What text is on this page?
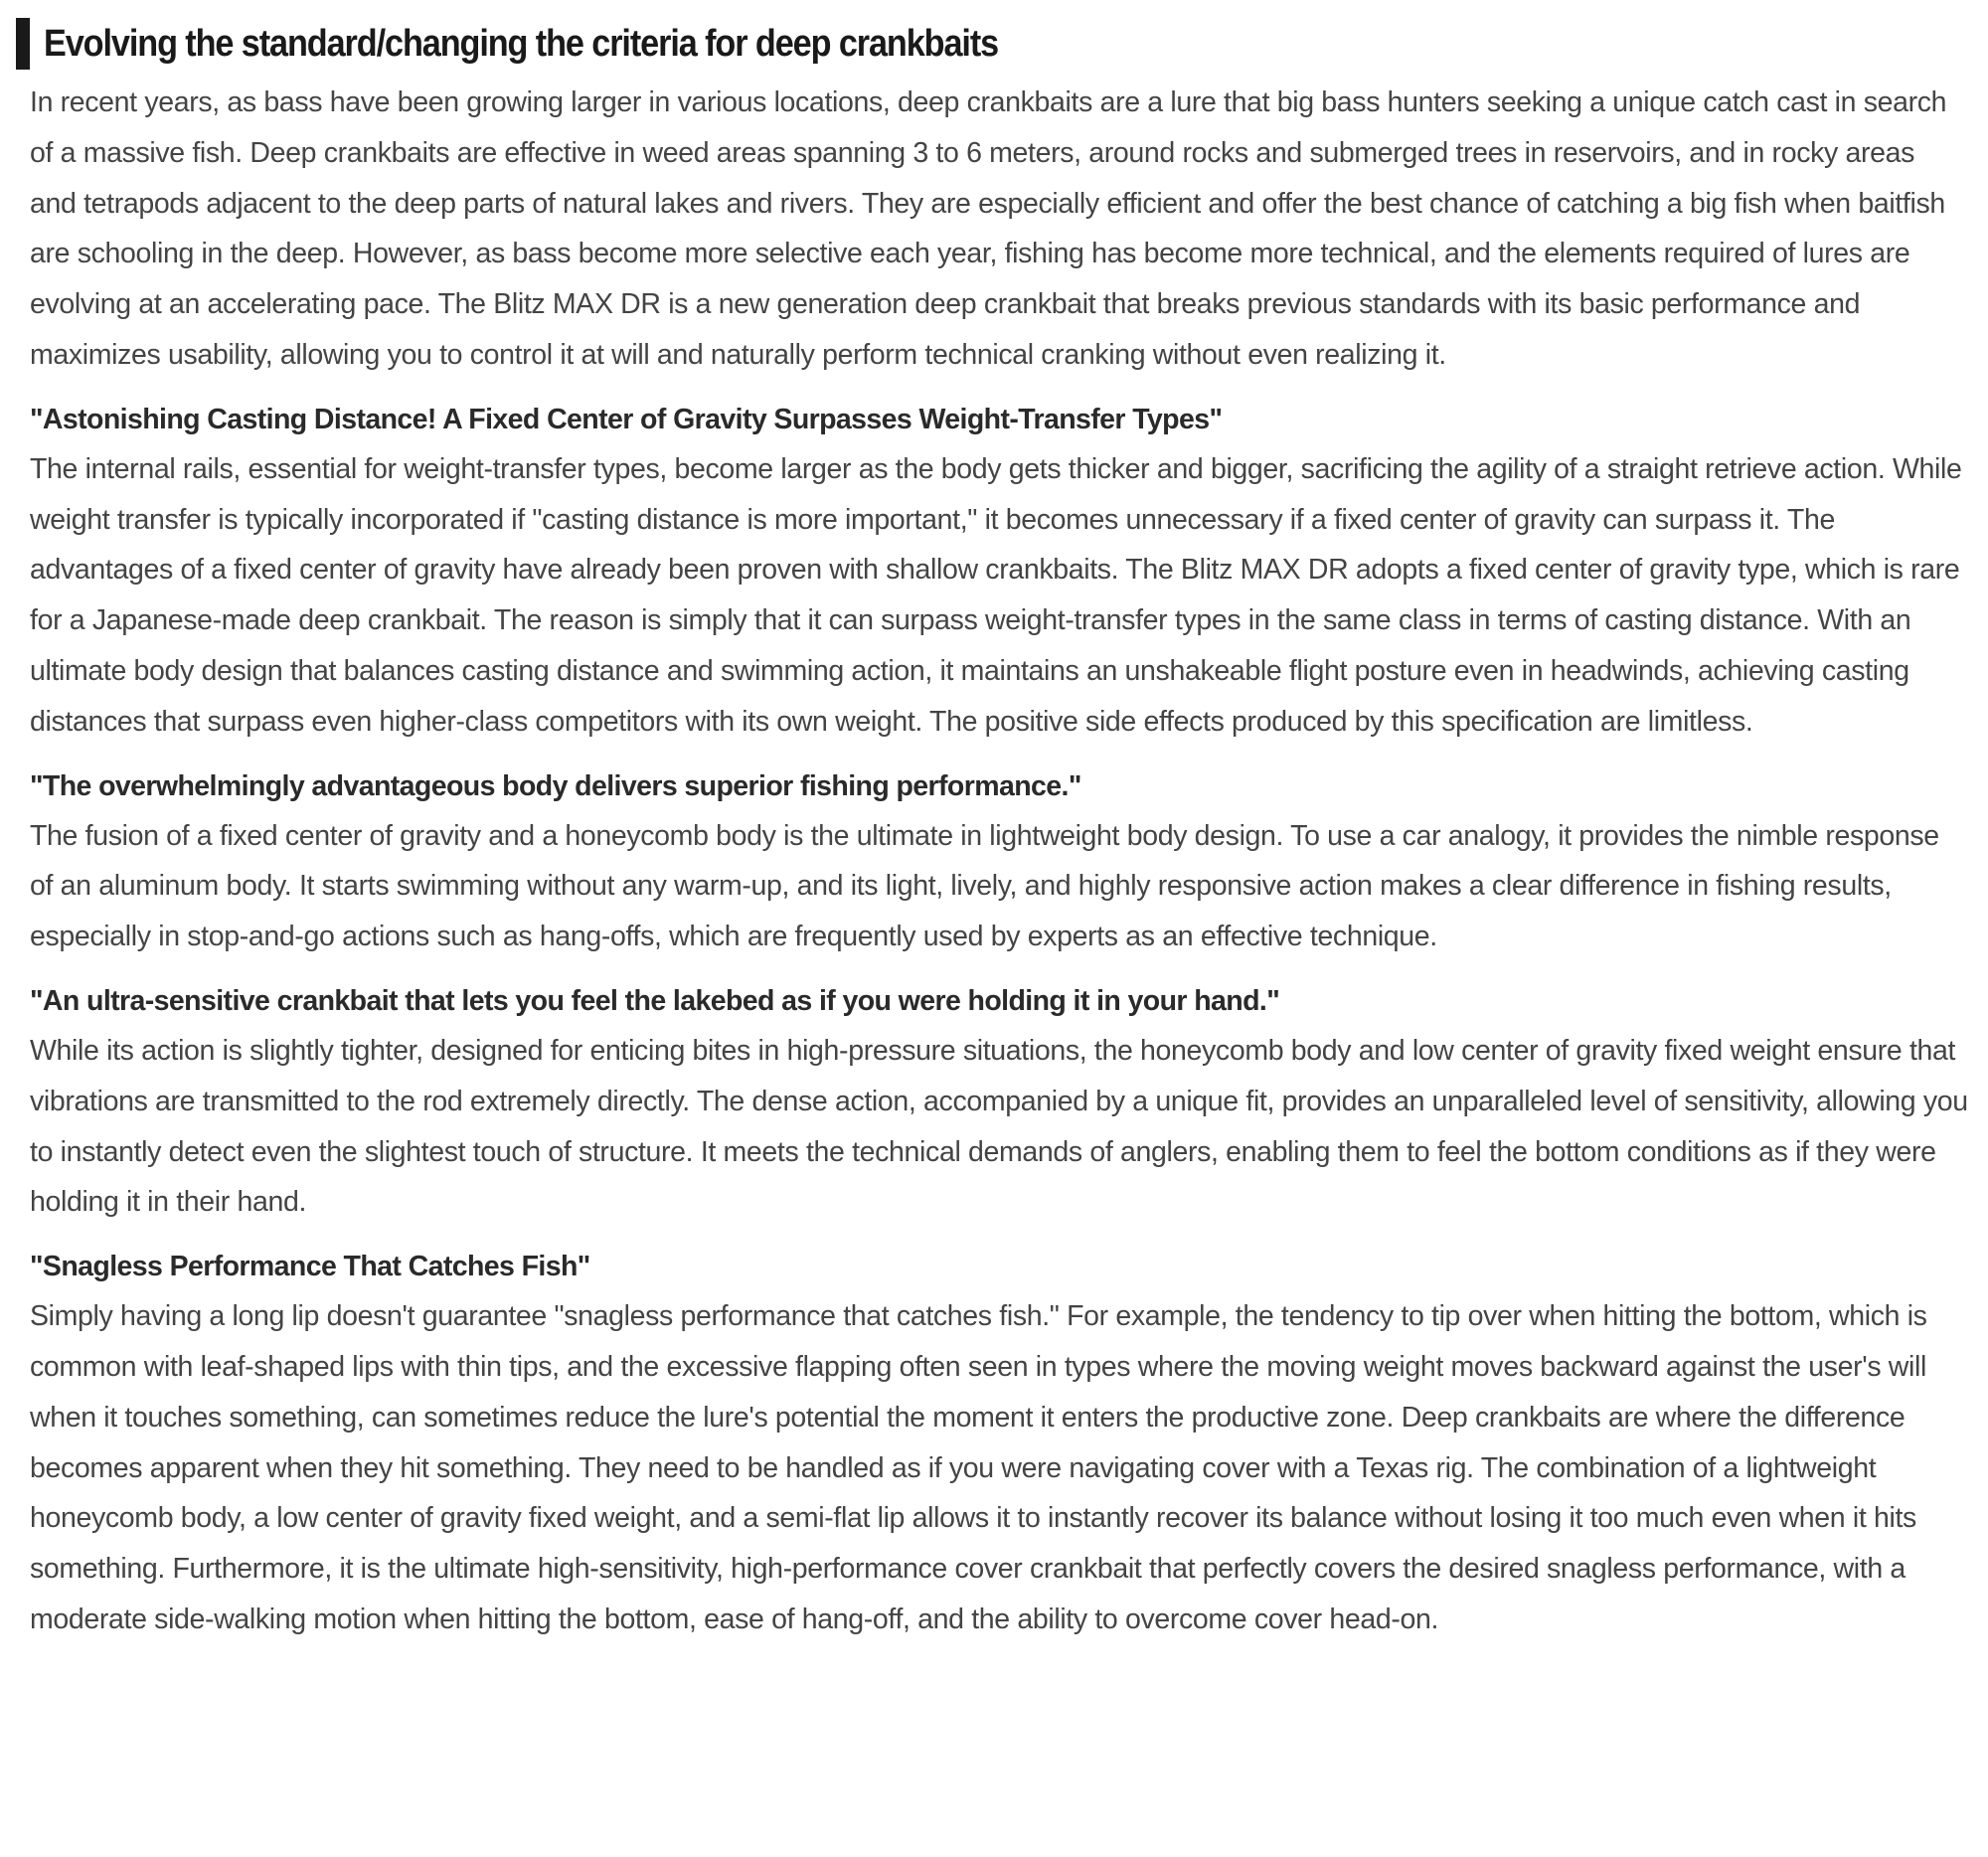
Evolving the standard/changing the criteria for deep crankbaits

In recent years, as bass have been growing larger in various locations, deep crankbaits are a lure that big bass hunters seeking a unique catch cast in search of a massive fish. Deep crankbaits are effective in weed areas spanning 3 to 6 meters, around rocks and submerged trees in reservoirs, and in rocky areas and tetrapods adjacent to the deep parts of natural lakes and rivers. They are especially efficient and offer the best chance of catching a big fish when baitfish are schooling in the deep. However, as bass become more selective each year, fishing has become more technical, and the elements required of lures are evolving at an accelerating pace. The Blitz MAX DR is a new generation deep crankbait that breaks previous standards with its basic performance and maximizes usability, allowing you to control it at will and naturally perform technical cranking without even realizing it.

"Astonishing Casting Distance! A Fixed Center of Gravity Surpasses Weight-Transfer Types"

The internal rails, essential for weight-transfer types, become larger as the body gets thicker and bigger, sacrificing the agility of a straight retrieve action. While weight transfer is typically incorporated if "casting distance is more important," it becomes unnecessary if a fixed center of gravity can surpass it. The advantages of a fixed center of gravity have already been proven with shallow crankbaits. The Blitz MAX DR adopts a fixed center of gravity type, which is rare for a Japanese-made deep crankbait. The reason is simply that it can surpass weight-transfer types in the same class in terms of casting distance. With an ultimate body design that balances casting distance and swimming action, it maintains an unshakeable flight posture even in headwinds, achieving casting distances that surpass even higher-class competitors with its own weight. The positive side effects produced by this specification are limitless.

"The overwhelmingly advantageous body delivers superior fishing performance."

The fusion of a fixed center of gravity and a honeycomb body is the ultimate in lightweight body design. To use a car analogy, it provides the nimble response of an aluminum body. It starts swimming without any warm-up, and its light, lively, and highly responsive action makes a clear difference in fishing results, especially in stop-and-go actions such as hang-offs, which are frequently used by experts as an effective technique.

"An ultra-sensitive crankbait that lets you feel the lakebed as if you were holding it in your hand."

While its action is slightly tighter, designed for enticing bites in high-pressure situations, the honeycomb body and low center of gravity fixed weight ensure that vibrations are transmitted to the rod extremely directly. The dense action, accompanied by a unique fit, provides an unparalleled level of sensitivity, allowing you to instantly detect even the slightest touch of structure. It meets the technical demands of anglers, enabling them to feel the bottom conditions as if they were holding it in their hand.

"Snagless Performance That Catches Fish"

Simply having a long lip doesn't guarantee "snagless performance that catches fish." For example, the tendency to tip over when hitting the bottom, which is common with leaf-shaped lips with thin tips, and the excessive flapping often seen in types where the moving weight moves backward against the user's will when it touches something, can sometimes reduce the lure's potential the moment it enters the productive zone. Deep crankbaits are where the difference becomes apparent when they hit something. They need to be handled as if you were navigating cover with a Texas rig. The combination of a lightweight honeycomb body, a low center of gravity fixed weight, and a semi-flat lip allows it to instantly recover its balance without losing it too much even when it hits something. Furthermore, it is the ultimate high-sensitivity, high-performance cover crankbait that perfectly covers the desired snagless performance, with a moderate side-walking motion when hitting the bottom, ease of hang-off, and the ability to overcome cover head-on.
